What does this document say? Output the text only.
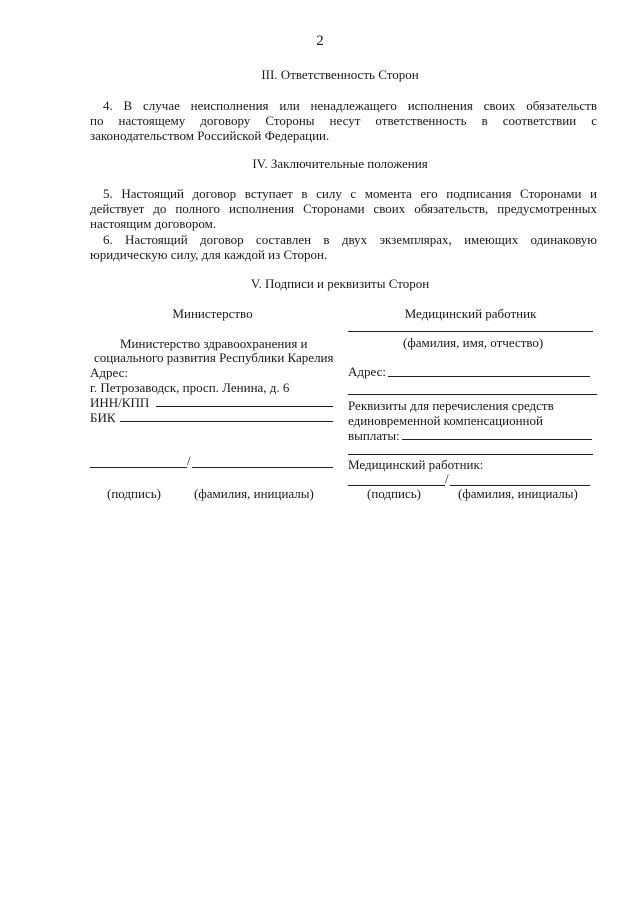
2
III. Ответственность Сторон
4. В случае неисполнения или ненадлежащего исполнения своих обязательств
по настоящему договору Стороны несут ответственность в соответствии с
законодательством Российской Федерации.
IV. Заключительные положения
5. Настоящий договор вступает в силу с момента его подписания Сторонами и
действует до полного исполнения Сторонами своих обязательств, предусмотренных
настоящим договором.
6. Настоящий договор составлен в двух экземплярах, имеющих одинаковую
юридическую силу, для каждой из Сторон.
V. Подписи и реквизиты Сторон
Министерство
Министерство здравоохранения и
социального развития Республики Карелия
Адрес:
г. Петрозаводск, просп. Ленина, д. 6
ИНН/КПП
БИК
/
(подпись)	(фамилия, инициалы)
Медицинский работник
(фамилия, имя, отчество)
Адрес:
Реквизиты для перечисления средств
единовременной компенсационной
выплаты:
Медицинский работник:
/
(подпись)	(фамилия, инициалы)
